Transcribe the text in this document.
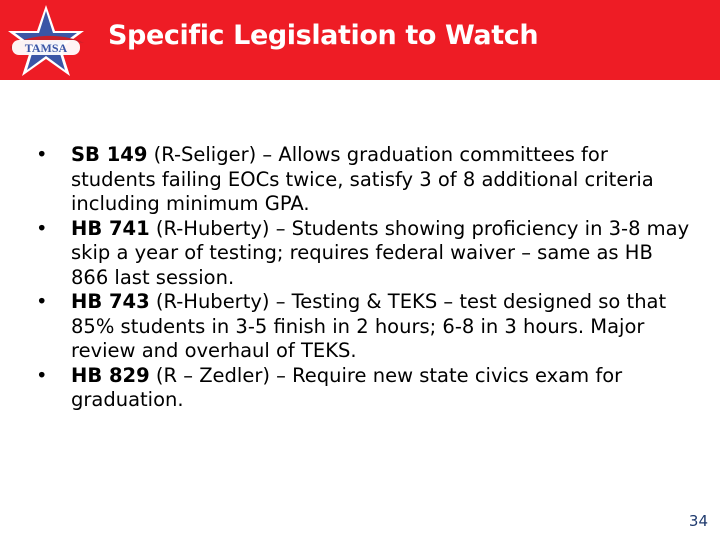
TAMSA Specific Legislation to Watch
• SB 149 (R-Seliger) – Allows graduation committees for students failing EOCs twice, satisfy 3 of 8 additional criteria including minimum GPA.
• HB 741 (R-Huberty) – Students showing proficiency in 3-8 may skip a year of testing; requires federal waiver – same as HB 866 last session.
• HB 743 (R-Huberty) – Testing & TEKS – test designed so that 85% students in 3-5 finish in 2 hours; 6-8 in 3 hours. Major review and overhaul of TEKS.
• HB 829 (R – Zedler) – Require new state civics exam for graduation.
34
